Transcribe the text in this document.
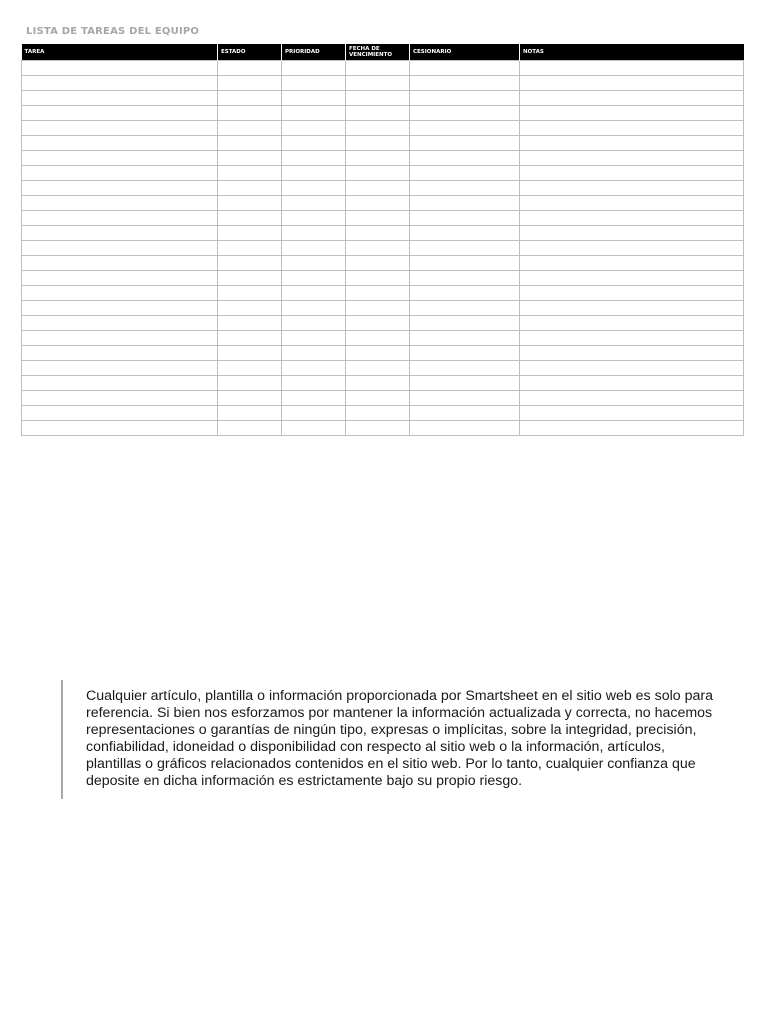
LISTA DE TAREAS DEL EQUIPO
TAREA	ESTADO	PRIORIDAD	FECHA DE VENCIMIENTO	CESIONARIO	NOTAS

Cualquier artículo, plantilla o información proporcionada por Smartsheet en el sitio web es solo para referencia. Si bien nos esforzamos por mantener la información actualizada y correcta, no hacemos representaciones o garantías de ningún tipo, expresas o implícitas, sobre la integridad, precisión, confiabilidad, idoneidad o disponibilidad con respecto al sitio web o la información, artículos, plantillas o gráficos relacionados contenidos en el sitio web. Por lo tanto, cualquier confianza que deposite en dicha información es estrictamente bajo su propio riesgo.
